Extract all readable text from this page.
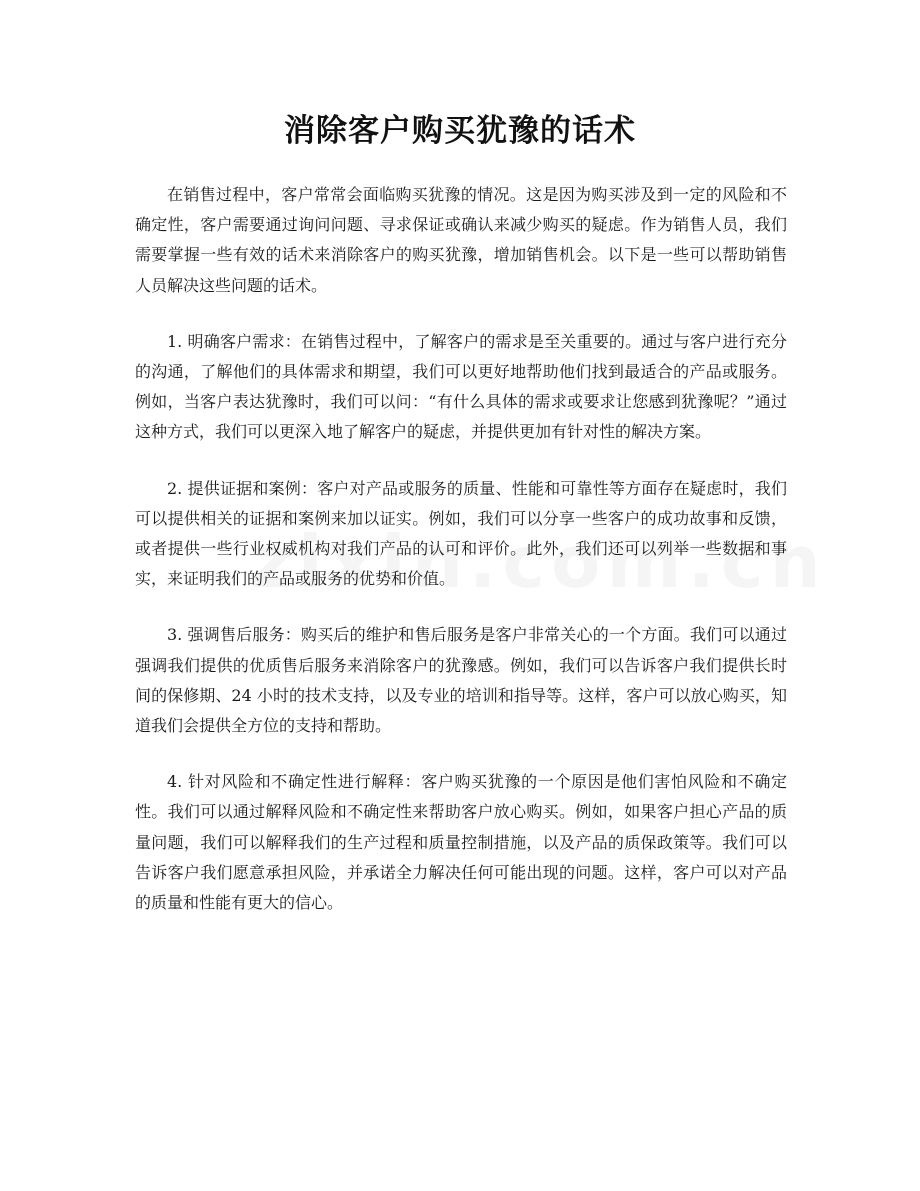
消除客户购买犹豫的话术

在销售过程中，客户常常会面临购买犹豫的情况。这是因为购买涉及到一定的风险和不确定性，客户需要通过询问问题、寻求保证或确认来减少购买的疑虑。作为销售人员，我们需要掌握一些有效的话术来消除客户的购买犹豫，增加销售机会。以下是一些可以帮助销售人员解决这些问题的话术。

1. 明确客户需求：在销售过程中，了解客户的需求是至关重要的。通过与客户进行充分的沟通，了解他们的具体需求和期望，我们可以更好地帮助他们找到最适合的产品或服务。例如，当客户表达犹豫时，我们可以问：“有什么具体的需求或要求让您感到犹豫呢？”通过这种方式，我们可以更深入地了解客户的疑虑，并提供更加有针对性的解决方案。

2. 提供证据和案例：客户对产品或服务的质量、性能和可靠性等方面存在疑虑时，我们可以提供相关的证据和案例来加以证实。例如，我们可以分享一些客户的成功故事和反馈，或者提供一些行业权威机构对我们产品的认可和评价。此外，我们还可以列举一些数据和事实，来证明我们的产品或服务的优势和价值。

3. 强调售后服务：购买后的维护和售后服务是客户非常关心的一个方面。我们可以通过强调我们提供的优质售后服务来消除客户的犹豫感。例如，我们可以告诉客户我们提供长时间的保修期、24 小时的技术支持，以及专业的培训和指导等。这样，客户可以放心购买，知道我们会提供全方位的支持和帮助。

4. 针对风险和不确定性进行解释：客户购买犹豫的一个原因是他们害怕风险和不确定性。我们可以通过解释风险和不确定性来帮助客户放心购买。例如，如果客户担心产品的质量问题，我们可以解释我们的生产过程和质量控制措施，以及产品的质保政策等。我们可以告诉客户我们愿意承担风险，并承诺全力解决任何可能出现的问题。这样，客户可以对产品的质量和性能有更大的信心。
